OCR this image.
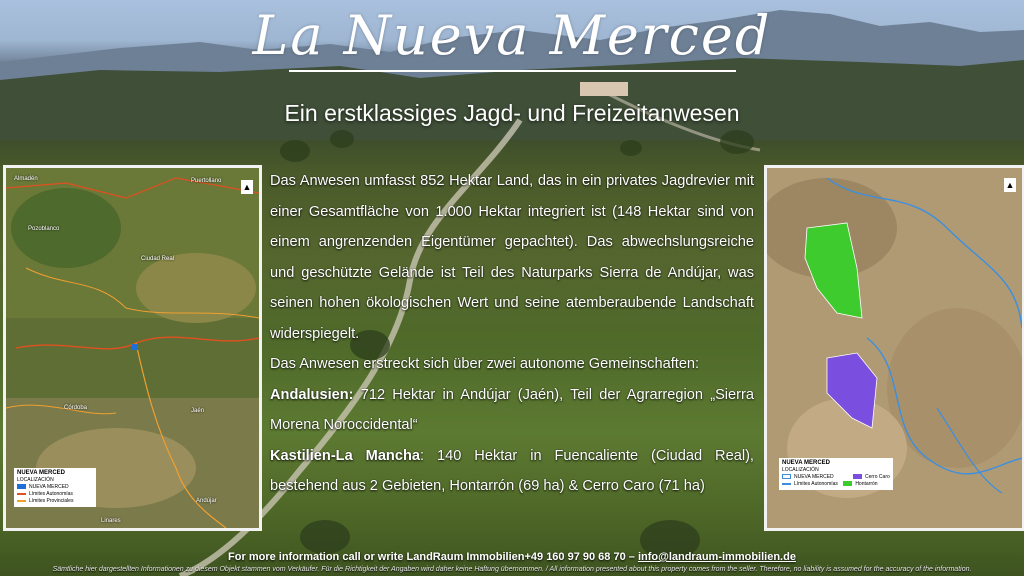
La Nueva Merced
Ein erstklassiges Jagd- und Freizeitanwesen
Almadén	Puertollano
Pozoblanco
Ciudad Real
Córdoba	Jaén
Andújar
Linares
▲
NUEVA MERCED
LOCALIZACIÓN
NUEVA MERCED
Límites Autonomías
Límites Provinciales
▲
NUEVA MERCED
LOCALIZACIÓN
NUEVA MERCED	Cerro Caro
Límites Autonomías	Hontarrón

Das Anwesen umfasst 852 Hektar Land, das in ein privates Jagdrevier mit einer Gesamtfläche von 1.000 Hektar integriert ist (148 Hektar sind von einem angrenzenden Eigentümer gepachtet). Das abwechslungsreiche und geschützte Gelände ist Teil des Naturparks Sierra de Andújar, was seinen hohen ökologischen Wert und seine atemberaubende Landschaft widerspiegelt.

Das Anwesen erstreckt sich über zwei autonome Gemeinschaften:

Andalusien: 712 Hektar in Andújar (Jaén), Teil der Agrarregion „Sierra Morena Noroccidental“

Kastilien-La Mancha: 140 Hektar in Fuencaliente (Ciudad Real), bestehend aus 2 Gebieten, Hontarrón (69 ha) & Cerro Caro (71 ha)

For more information call or write LandRaum Immobilien+49 160 97 90 68 70 – info@landraum-immobilien.de
Sämtliche hier dargestellten Informationen zu diesem Objekt stammen vom Verkäufer. Für die Richtigkeit der Angaben wird daher keine Haftung übernommen. / All information presented about this property comes from the seller. Therefore, no liability is assumed for the accuracy of the information.
